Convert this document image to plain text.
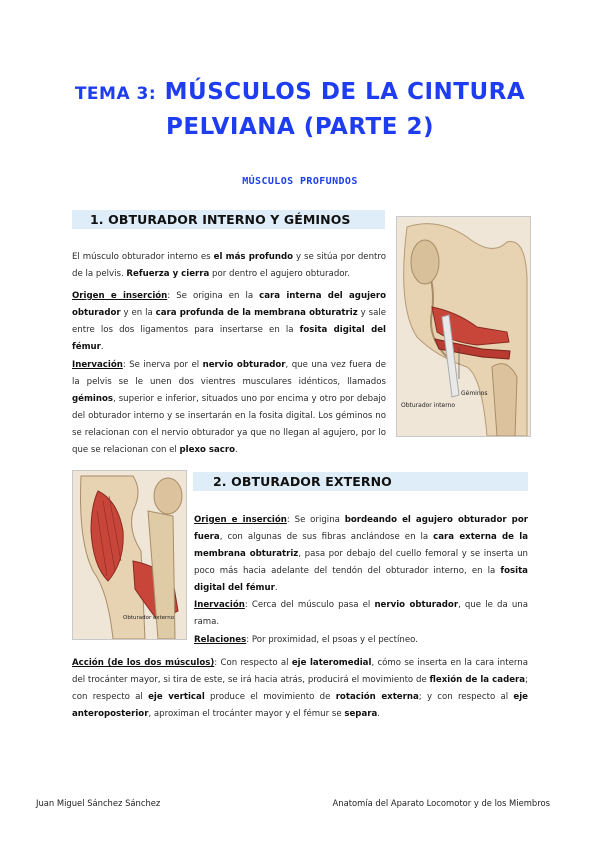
TEMA 3: MÚSCULOS DE LA CINTURA
PELVIANA (PARTE 2)
MÚSCULOS PROFUNDOS
1. OBTURADOR INTERNO Y GÉMINOS
El músculo obturador interno es el más profundo y se sitúa por dentro de la pelvis. Refuerza y cierra por dentro el agujero obturador.
Origen e inserción: Se origina en la cara interna del agujero obturador y en la cara profunda de la membrana obturatriz y sale entre los dos ligamentos para insertarse en la fosita digital del fémur.
Inervación: Se inerva por el nervio obturador, que una vez fuera de la pelvis se le unen dos vientres musculares idénticos, llamados géminos, superior e inferior, situados uno por encima y otro por debajo del obturador interno y se insertarán en la fosita digital. Los géminos no se relacionan con el nervio obturador ya que no llegan al agujero, por lo que se relacionan con el plexo sacro.
Géminos
Obturador interno
Obturador externo
2. OBTURADOR EXTERNO
Origen e inserción: Se origina bordeando el agujero obturador por fuera, con algunas de sus fibras anclándose en la cara externa de la membrana obturatriz, pasa por debajo del cuello femoral y se inserta un poco más hacia adelante del tendón del obturador interno, en la fosita digital del fémur.
Inervación: Cerca del músculo pasa el nervio obturador, que le da una rama.
Relaciones: Por proximidad, el psoas y el pectíneo.
Acción (de los dos músculos): Con respecto al eje lateromedial, cómo se inserta en la cara interna del trocánter mayor, si tira de este, se irá hacia atrás, producirá el movimiento de flexión de la cadera; con respecto al eje vertical produce el movimiento de rotación externa; y con respecto al eje anteroposterior, aproximan el trocánter mayor y el fémur se separa.
Juan Miguel Sánchez Sánchez	Anatomía del Aparato Locomotor y de los Miembros
